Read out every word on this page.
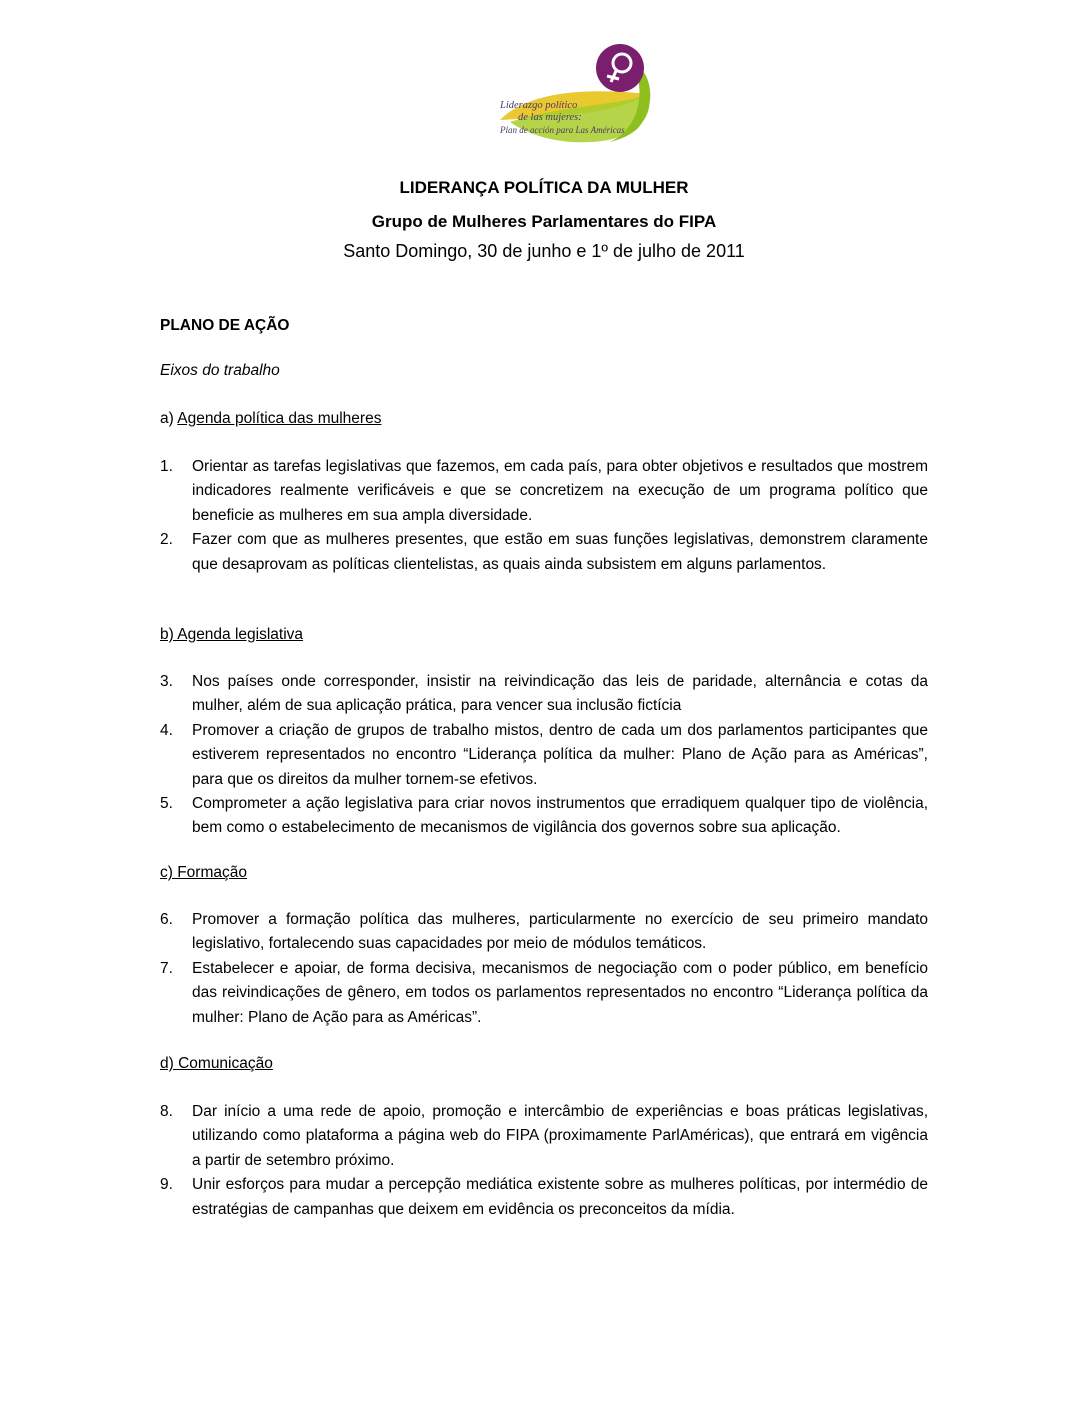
Liderazgo político
de las mujeres:
Plan de acción para Las Américas

LIDERANÇA POLÍTICA DA MULHER

Grupo de Mulheres Parlamentares do FIPA

Santo Domingo, 30 de junho e 1º de julho de 2011

PLANO DE AÇÃO

Eixos do trabalho

a) Agenda política das mulheres

1.	Orientar as tarefas legislativas que fazemos, em cada país, para obter objetivos e resultados que mostrem indicadores realmente verificáveis e que se concretizem na execução de um programa político que beneficie as mulheres em sua ampla diversidade.
2.	Fazer com que as mulheres presentes, que estão em suas funções legislativas, demonstrem claramente que desaprovam as políticas clientelistas, as quais ainda subsistem em alguns parlamentos.

b) Agenda legislativa

3.	Nos países onde corresponder, insistir na reivindicação das leis de paridade, alternância e cotas da mulher, além de sua aplicação prática, para vencer sua inclusão fictícia
4.	Promover a criação de grupos de trabalho mistos, dentro de cada um dos parlamentos participantes que estiverem representados no encontro “Liderança política da mulher: Plano de Ação para as Américas”, para que os direitos da mulher tornem-se efetivos.
5.	Comprometer a ação legislativa para criar novos instrumentos que erradiquem qualquer tipo de violência, bem como o estabelecimento de mecanismos de vigilância dos governos sobre sua aplicação.

c) Formação

6.	Promover a formação política das mulheres, particularmente no exercício de seu primeiro mandato legislativo, fortalecendo suas capacidades por meio de módulos temáticos.
7.	Estabelecer e apoiar, de forma decisiva, mecanismos de negociação com o poder público, em benefício das reivindicações de gênero, em todos os parlamentos representados no encontro “Liderança política da mulher: Plano de Ação para as Américas”.

d) Comunicação

8.	Dar início a uma rede de apoio, promoção e intercâmbio de experiências e boas práticas legislativas, utilizando como plataforma a página web do FIPA (proximamente ParlAméricas), que entrará em vigência a partir de setembro próximo.
9.	Unir esforços para mudar a percepção mediática existente sobre as mulheres políticas, por intermédio de estratégias de campanhas que deixem em evidência os preconceitos da mídia.
